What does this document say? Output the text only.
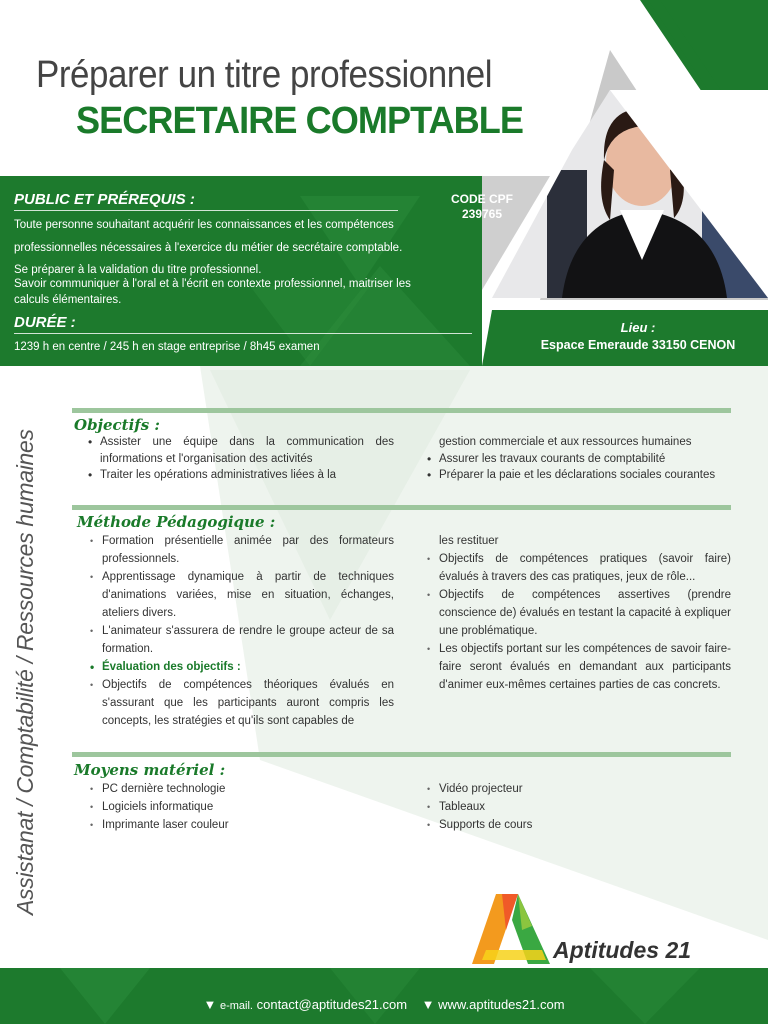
Préparer un titre professionnel
SECRETAIRE COMPTABLE
PUBLIC ET PRÉREQUIS :
Toute personne souhaitant acquérir les connaissances et les compétences professionnelles nécessaires à l'exercice du métier de secrétaire comptable. Se préparer à la validation du titre professionnel.
Savoir communiquer à l'oral et à l'écrit en contexte professionnel, maitriser les calculs élémentaires.
DURÉE :
1239 h en centre / 245 h en stage entreprise / 8h45 examen
CODE CPF
239765
Lieu :
Espace Emeraude 33150 CENON
Assistanat / Comptabilité / Ressources humaines
Objectifs :
• Assister une équipe dans la communication des informations et l'organisation des activités
• Traiter les opérations administratives liées à la
gestion commerciale et aux ressources humaines
• Assurer les travaux courants de comptabilité
• Préparer la paie et les déclarations sociales courantes
Méthode Pédagogique :
• Formation présentielle animée par des formateurs professionnels.
• Apprentissage dynamique à partir de techniques d'animations variées, mise en situation, échanges, ateliers divers.
• L'animateur s'assurera de rendre le groupe acteur de sa formation.
• Évaluation des objectifs :
• Objectifs de compétences théoriques évalués en s'assurant que les participants auront compris les concepts, les stratégies et qu'ils sont capables de
les restituer
• Objectifs de compétences pratiques (savoir faire) évalués à travers des cas pratiques, jeux de rôle...
• Objectifs de compétences assertives (prendre conscience de) évalués en testant la capacité à expliquer une problématique.
• Les objectifs portant sur les compétences de savoir faire-faire seront évalués en demandant aux participants d'animer eux-mêmes certaines parties de cas concrets.
Moyens matériel :
• PC dernière technologie
• Logiciels informatique
• Imprimante laser couleur
• Vidéo projecteur
• Tableaux
• Supports de cours
Aptitudes 21
▼ e-mail. contact@aptitudes21.com ▼ www.aptitudes21.com
